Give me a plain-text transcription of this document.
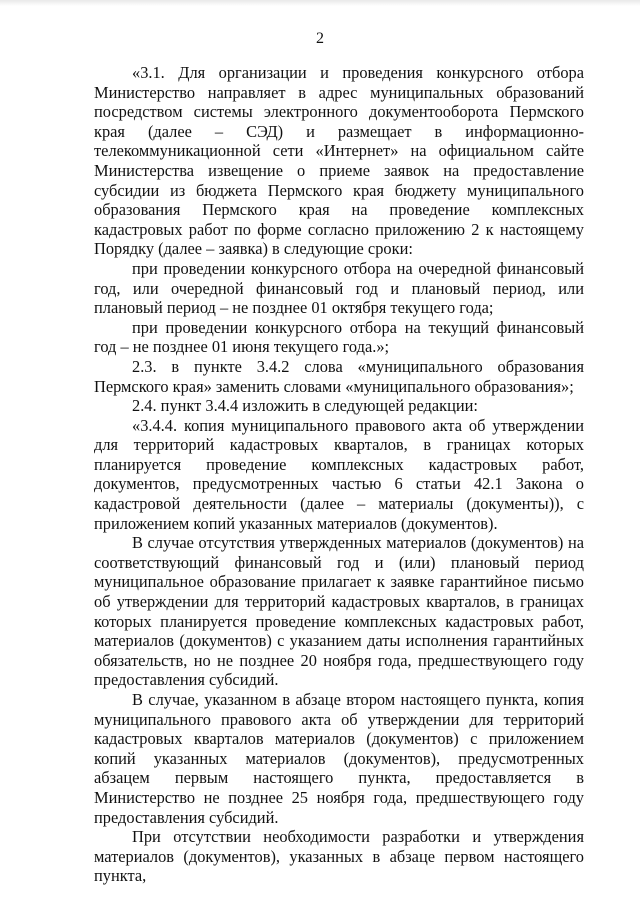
2

«3.1. Для организации и проведения конкурсного отбора Министерство направляет в адрес муниципальных образований посредством системы электронного документооборота Пермского края (далее – СЭД) и размещает в информационно-телекоммуникационной сети «Интернет» на официальном сайте Министерства извещение о приеме заявок на предоставление субсидии из бюджета Пермского края бюджету муниципального образования Пермского края на проведение комплексных кадастровых работ по форме согласно приложению 2 к настоящему Порядку (далее – заявка) в следующие сроки:

при проведении конкурсного отбора на очередной финансовый год, или очередной финансовый год и плановый период, или плановый период – не позднее 01 октября текущего года;

при проведении конкурсного отбора на текущий финансовый год – не позднее 01 июня текущего года.»;

2.3. в пункте 3.4.2 слова «муниципального образования Пермского края» заменить словами «муниципального образования»;

2.4. пункт 3.4.4 изложить в следующей редакции:

«3.4.4. копия муниципального правового акта об утверждении для территорий кадастровых кварталов, в границах которых планируется проведение комплексных кадастровых работ, документов, предусмотренных частью 6 статьи 42.1 Закона о кадастровой деятельности (далее – материалы (документы)), с приложением копий указанных материалов (документов).

В случае отсутствия утвержденных материалов (документов) на соответствующий финансовый год и (или) плановый период муниципальное образование прилагает к заявке гарантийное письмо об утверждении для территорий кадастровых кварталов, в границах которых планируется проведение комплексных кадастровых работ, материалов (документов) с указанием даты исполнения гарантийных обязательств, но не позднее 20 ноября года, предшествующего году предоставления субсидий.

В случае, указанном в абзаце втором настоящего пункта, копия муниципального правового акта об утверждении для территорий кадастровых кварталов материалов (документов) с приложением копий указанных материалов (документов), предусмотренных абзацем первым настоящего пункта, предоставляется в Министерство не позднее 25 ноября года, предшествующего году предоставления субсидий.

При отсутствии необходимости разработки и утверждения материалов (документов), указанных в абзаце первом настоящего пункта,
